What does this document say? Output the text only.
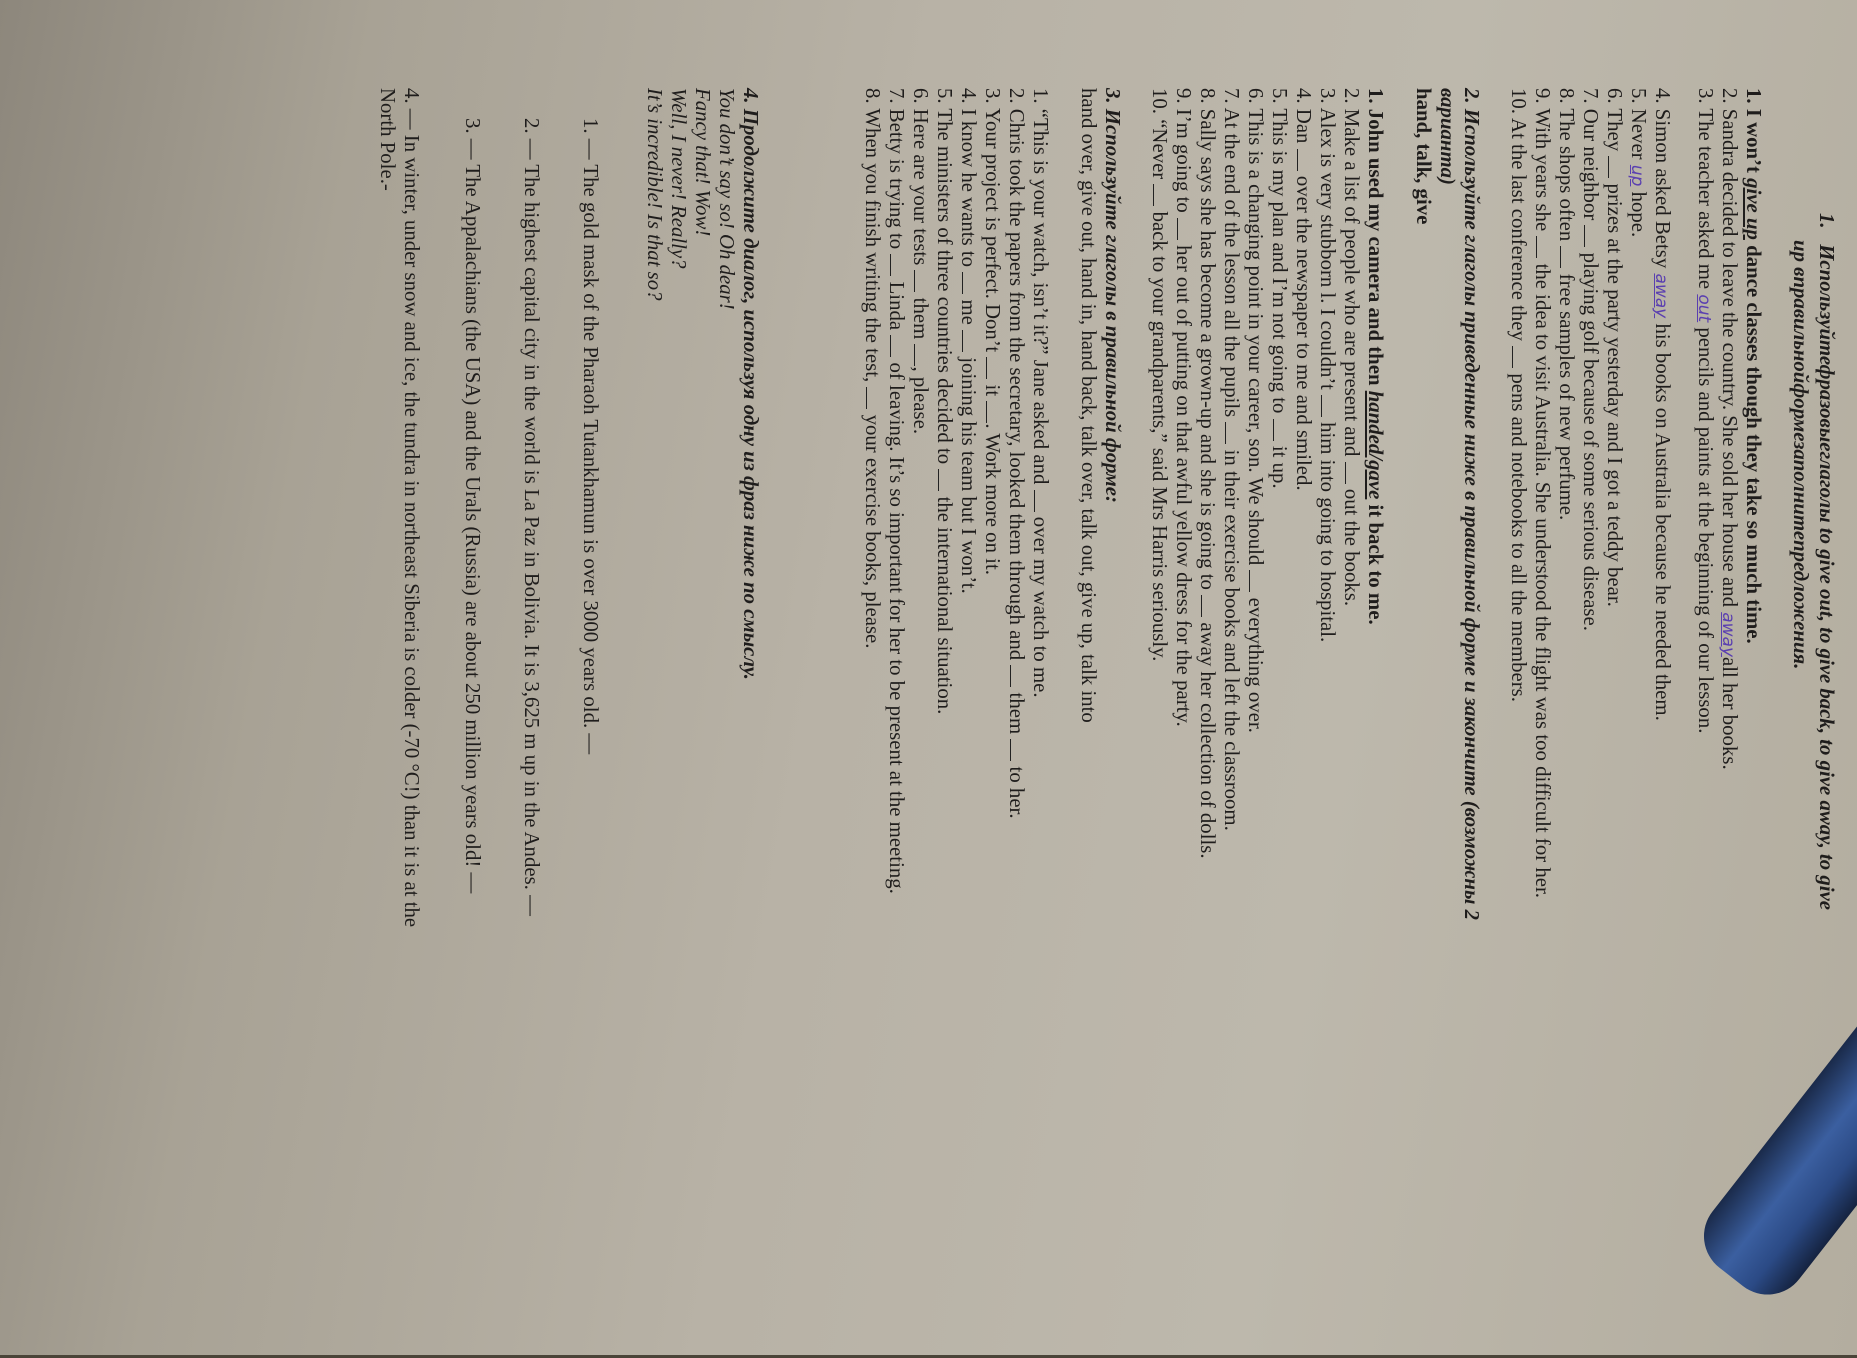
1.   Используйтефразовыеглаголы to give out, to give back, to give away, to give
up вправильнойформезаполнитепредложения.
1. I won’t give up dance classes though they take so much time.
2. Sandra decided to leave the country. She sold her house and awayall her books.
3. The teacher asked me out pencils and paints at the beginning of our lesson.
4. Simon asked Betsy away his books on Australia because he needed them.
5. Never up hope.
6. They  prizes at the party yesterday and I got a teddy bear.
7. Our neighbor  playing golf because of some serious disease.
8. The shops often  free samples of new perfume.
9. With years she  the idea to visit Australia. She understood the flight was too difficult for her.
10. At the last conference they  pens and notebooks to all the members.
2. Используйте глаголы приведенные ниже в правильной форме и закончите (возможны 2
варианта)
hand, talk, give
1. John used my camera and then handed/gave it back to me.
2. Make a list of people who are present and  out the books.
3. Alex is very stubborn l. I couldn’t  him into going to hospital.
4. Dan  over the newspaper to me and smiled.
5. This is my plan and I’m not going to  it up.
6. This is a changing point in your career, son. We should  everything over.
7. At the end of the lesson all the pupils  in their exercise books and left the classroom.
8. Sally says she has become a grown-up and she is going to  away her collection of dolls.
9. I’m going to  her out of putting on that awful yellow dress for the party.
10. “Never  back to your grandparents,” said Mrs Harris seriously.
3. Используйте глаголы в правильной форме:
hand over, give out, hand in, hand back, talk over, talk out, give up, talk into
1. “This is your watch, isn’t it?” Jane asked and  over my watch to me.
2. Chris took the papers from the secretary, looked them through and  them  to her.
3. Your project is perfect. Don’t  it . Work more on it.
4. I know he wants to  me  joining his team but I won’t.
5. The ministers of three countries decided to  the international situation.
6. Here are your tests  them , please.
7. Betty is trying to  Linda  of leaving. It’s so important for her to be present at the meeting.
8. When you finish writing the test,  your exercise books, please.
4. Продолжите диалог, используя одну из фраз ниже по смыслу.
You don’t say so! Oh dear!
Fancy that! Wow!
Well, I never! Really?
It’s incredible! Is that so?
1. — The gold mask of the Pharaoh Tutankhamun is over 3000 years old. —
2. — The highest capital city in the world is La Paz in Bolivia. It is 3,625 m up in the Andes. —
3. — The Appalachians (the USA) and the Urals (Russia) are about 250 million years old! —
4. — In winter, under snow and ice, the tundra in northeast Siberia is colder (-70 °C!) than it is at the
North Pole.-
